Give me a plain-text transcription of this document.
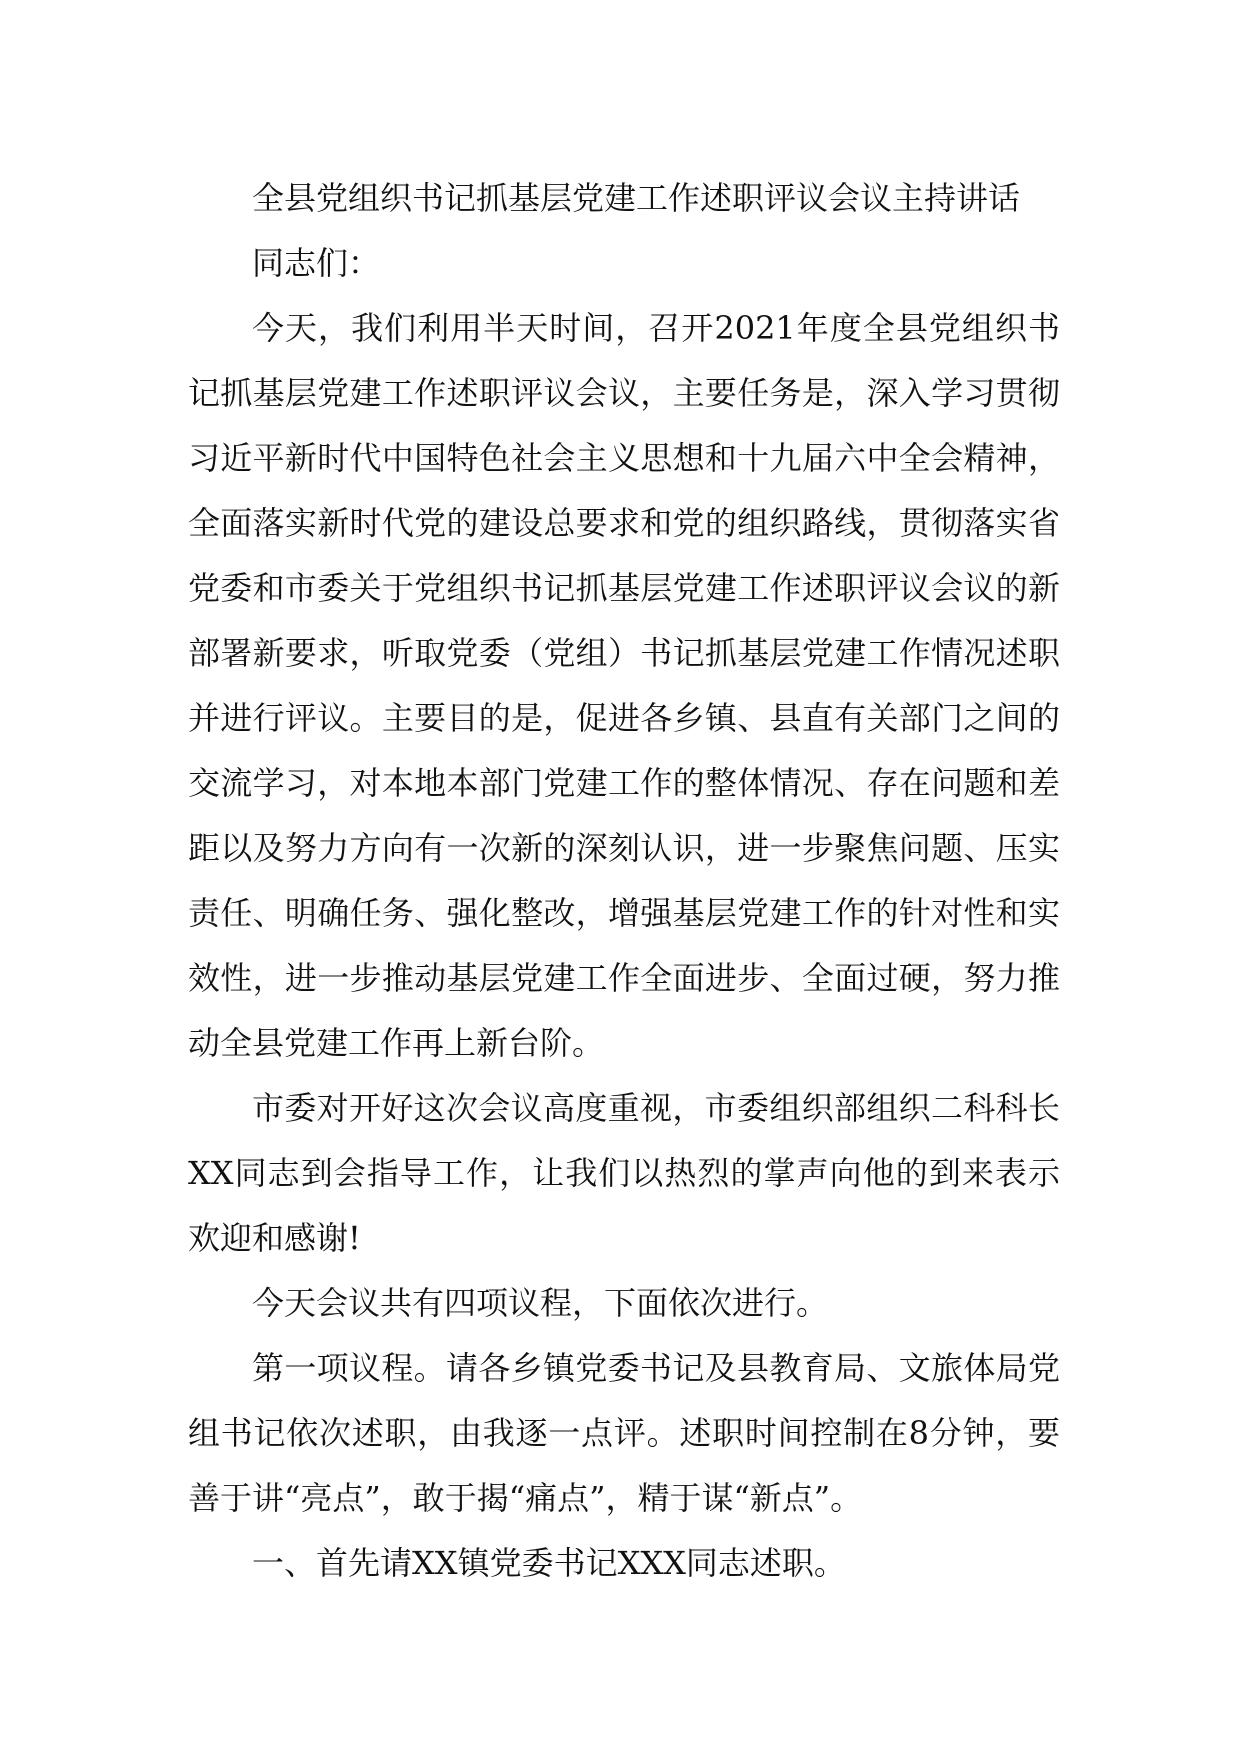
全县党组织书记抓基层党建工作述职评议会议主持讲话

同志们：

今天，我们利用半天时间，召开2021年度全县党组织书记抓基层党建工作述职评议会议，主要任务是，深入学习贯彻习近平新时代中国特色社会主义思想和十九届六中全会精神，全面落实新时代党的建设总要求和党的组织路线，贯彻落实省党委和市委关于党组织书记抓基层党建工作述职评议会议的新部署新要求，听取党委（党组）书记抓基层党建工作情况述职并进行评议。主要目的是，促进各乡镇、县直有关部门之间的交流学习，对本地本部门党建工作的整体情况、存在问题和差距以及努力方向有一次新的深刻认识，进一步聚焦问题、压实责任、明确任务、强化整改，增强基层党建工作的针对性和实效性，进一步推动基层党建工作全面进步、全面过硬，努力推动全县党建工作再上新台阶。

市委对开好这次会议高度重视，市委组织部组织二科科长XX同志到会指导工作，让我们以热烈的掌声向他的到来表示欢迎和感谢!

今天会议共有四项议程，下面依次进行。

第一项议程。请各乡镇党委书记及县教育局、文旅体局党组书记依次述职，由我逐一点评。述职时间控制在8分钟，要善于讲“亮点”，敢于揭“痛点”，精于谋“新点”。

一、首先请XX镇党委书记XXX同志述职。
